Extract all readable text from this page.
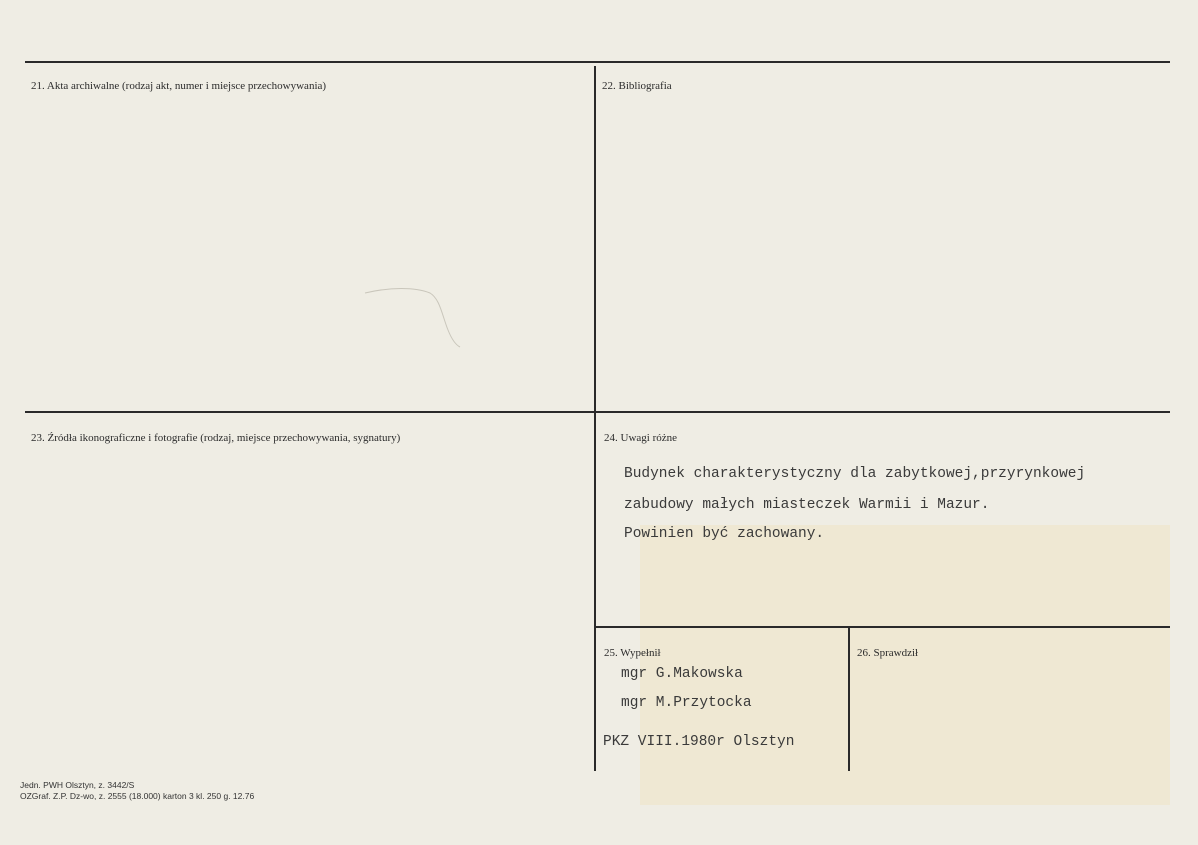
21. Akta archiwalne (rodzaj akt, numer i miejsce przechowywania)	22. Bibliografia
23. Źródła ikonograficzne i fotografie (rodzaj, miejsce przechowywania, sygnatury)	24. Uwagi różne
25. Wypełnił	26. Sprawdził
Budynek charakterystyczny dla zabytkowej,przyrynkowej
zabudowy małych miasteczek Warmii i Mazur.
Powinien być zachowany.
mgr G.Makowska
mgr M.Przytocka
PKZ VIII.1980r Olsztyn
Jedn. PWH Olsztyn, z. 3442/S
OZGraf. Z.P. Dz-wo, z. 2555 (18.000) karton 3 kl. 250 g. 12.76
